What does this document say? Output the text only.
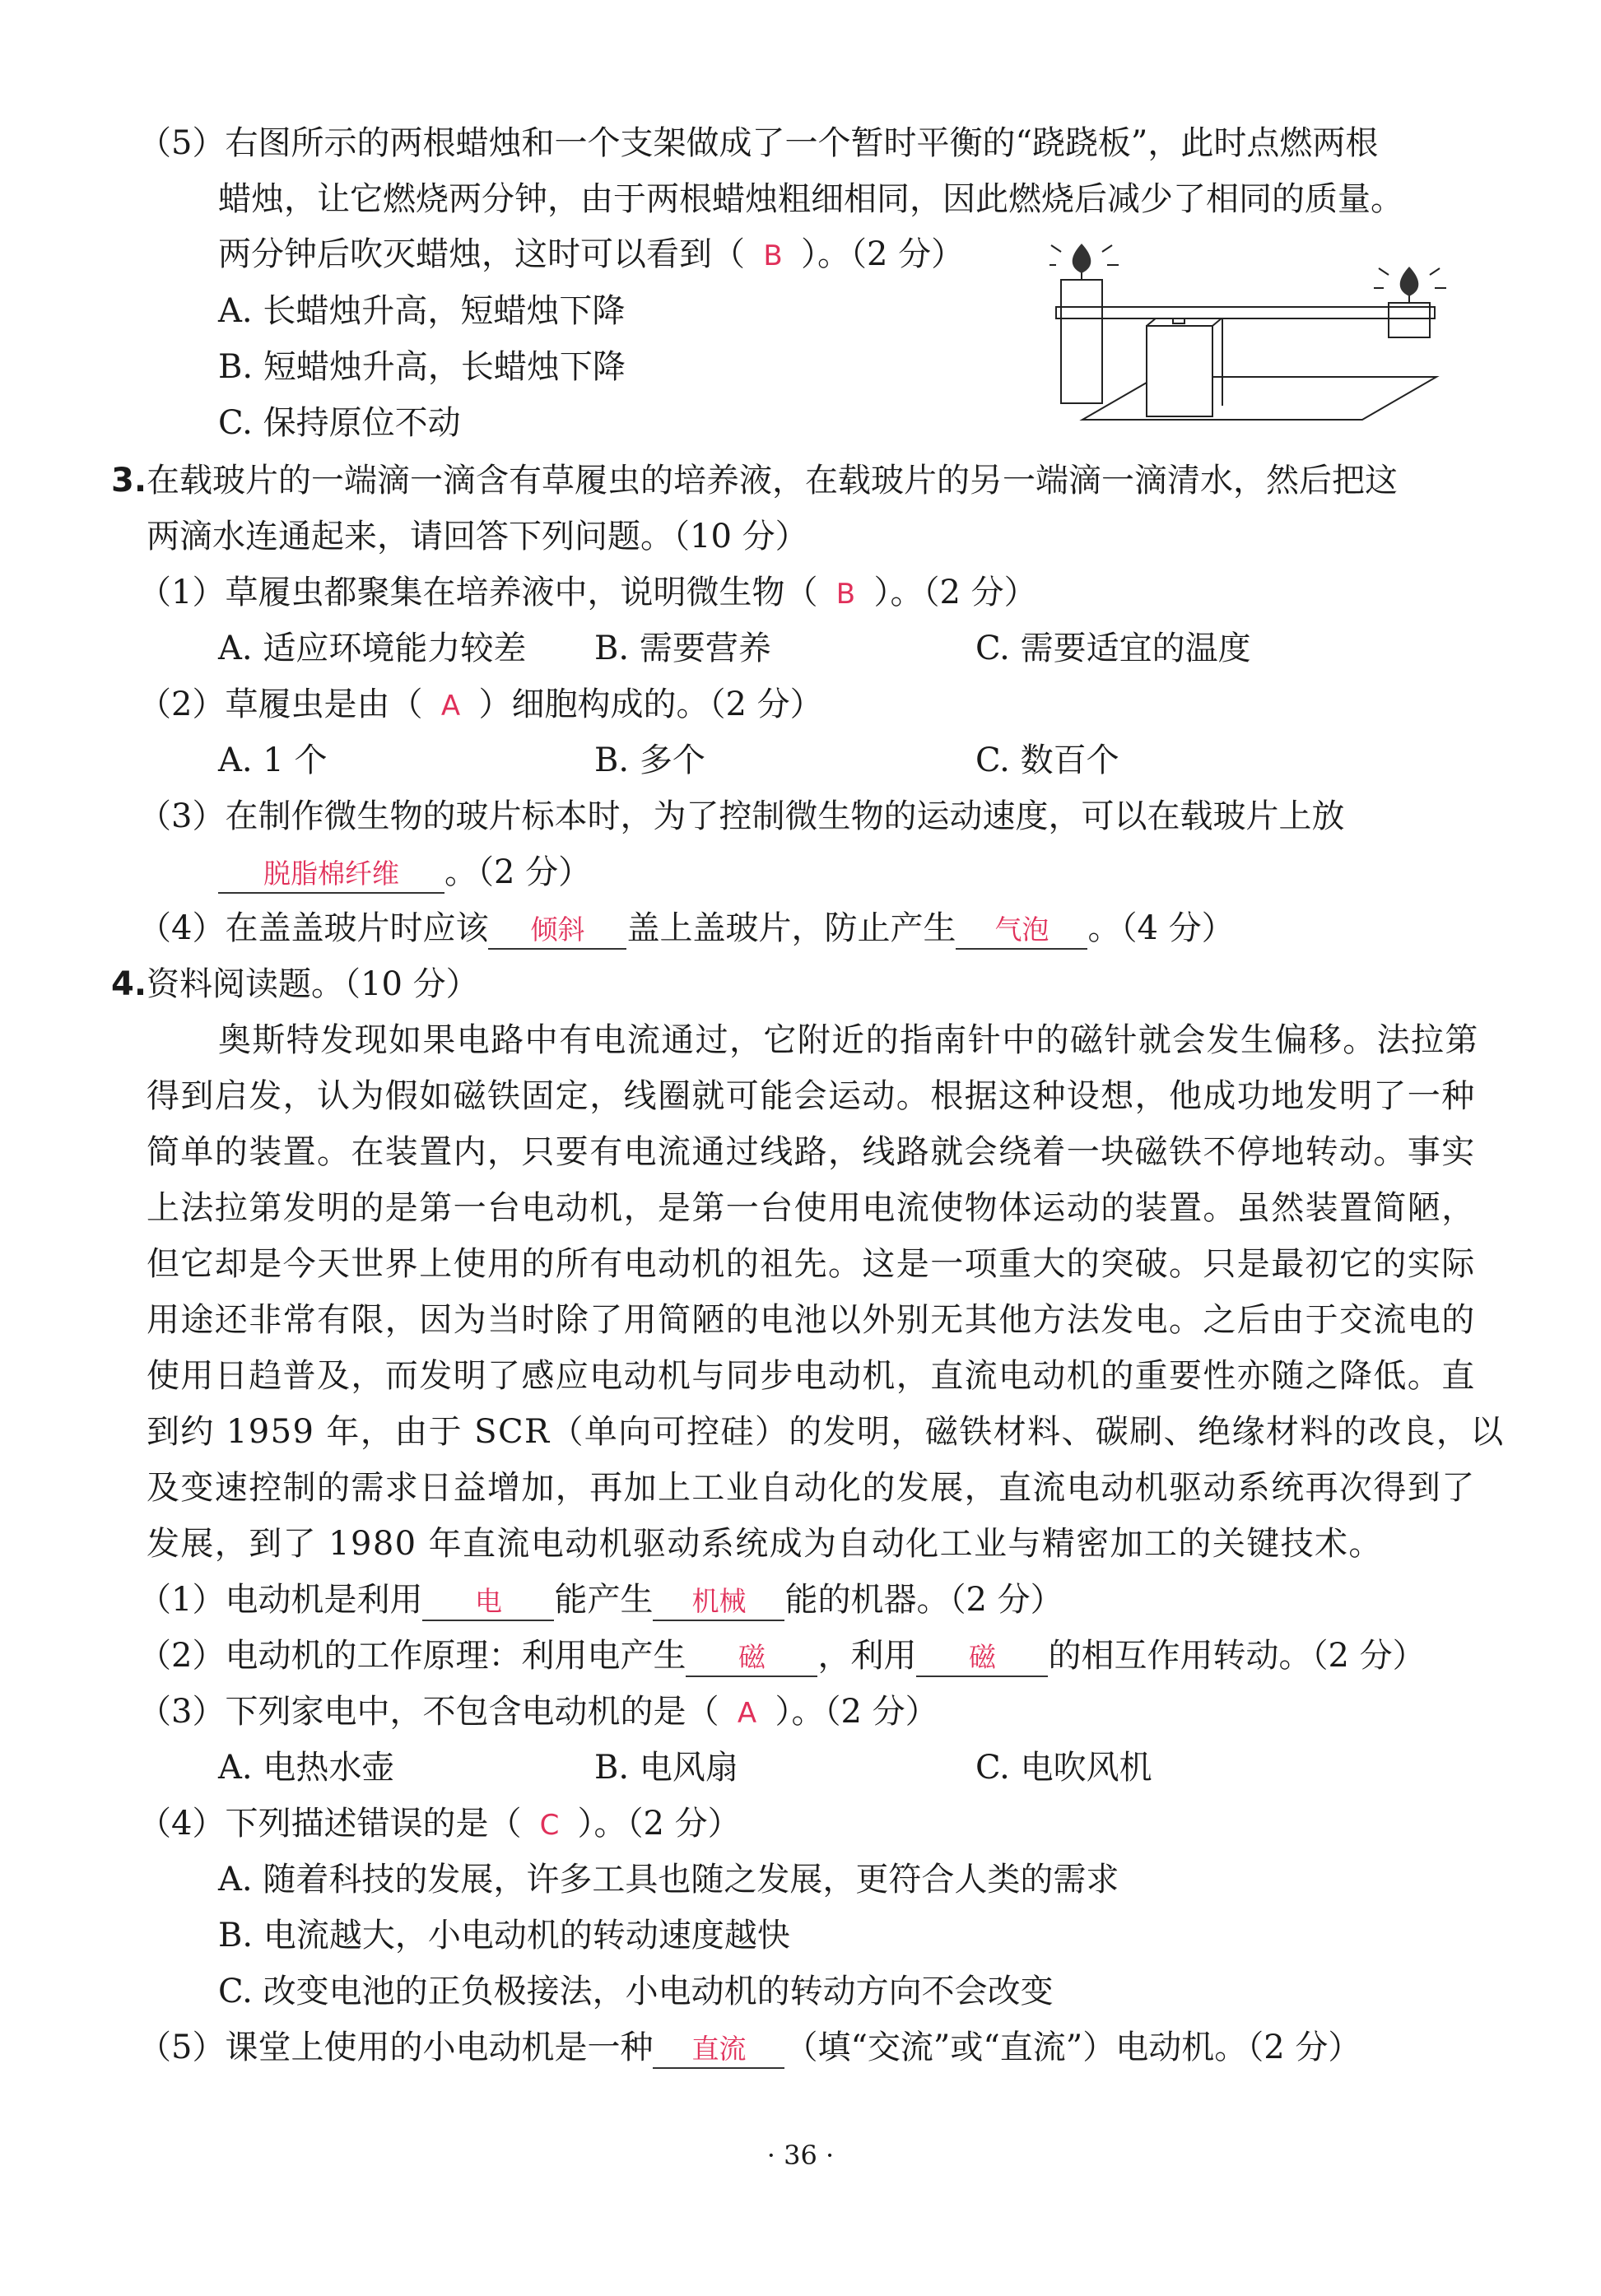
（5）右图所示的两根蜡烛和一个支架做成了一个暂时平衡的“跷跷板”，此时点燃两根
蜡烛，让它燃烧两分钟，由于两根蜡烛粗细相同，因此燃烧后减少了相同的质量。
两分钟后吹灭蜡烛，这时可以看到（ B ）。（2 分）
A. 长蜡烛升高，短蜡烛下降
B. 短蜡烛升高，长蜡烛下降
C. 保持原位不动
3.在载玻片的一端滴一滴含有草履虫的培养液，在载玻片的另一端滴一滴清水，然后把这
两滴水连通起来，请回答下列问题。（10 分）
（1）草履虫都聚集在培养液中，说明微生物（ B ）。（2 分）
A. 适应环境能力较差 B. 需要营养	C. 需要适宜的温度
（2）草履虫是由（ A ）细胞构成的。（2 分）
A. 1 个	B. 多个	C. 数百个
（3）在制作微生物的玻片标本时，为了控制微生物的运动速度，可以在载玻片上放
脱脂棉纤维 。（2 分）
（4）在盖盖玻片时应该 倾斜 盖上盖玻片，防止产生 气泡 。（4 分）
4.资料阅读题。（10 分）
奥斯特发现如果电路中有电流通过，它附近的指南针中的磁针就会发生偏移。法拉第
得到启发，认为假如磁铁固定，线圈就可能会运动。根据这种设想，他成功地发明了一种
简单的装置。在装置内，只要有电流通过线路，线路就会绕着一块磁铁不停地转动。事实
上法拉第发明的是第一台电动机，是第一台使用电流使物体运动的装置。虽然装置简陋，
但它却是今天世界上使用的所有电动机的祖先。这是一项重大的突破。只是最初它的实际
用途还非常有限，因为当时除了用简陋的电池以外别无其他方法发电。之后由于交流电的
使用日趋普及，而发明了感应电动机与同步电动机，直流电动机的重要性亦随之降低。直
到约 1959 年，由于 SCR（单向可控硅）的发明，磁铁材料、碳刷、绝缘材料的改良，以
及变速控制的需求日益增加，再加上工业自动化的发展，直流电动机驱动系统再次得到了
发展，到了 1980 年直流电动机驱动系统成为自动化工业与精密加工的关键技术。
（1）电动机是利用 电 能产生 机械 能的机器。（2 分）
（2）电动机的工作原理：利用电产生 磁 ，利用 磁 的相互作用转动。（2 分）
（3）下列家电中，不包含电动机的是（ A ）。（2 分）
A. 电热水壶	B. 电风扇	C. 电吹风机
（4）下列描述错误的是（ C ）。（2 分）
A. 随着科技的发展，许多工具也随之发展，更符合人类的需求
B. 电流越大，小电动机的转动速度越快
C. 改变电池的正负极接法，小电动机的转动方向不会改变
（5）课堂上使用的小电动机是一种 直流 （填“交流”或“直流”）电动机。（2 分）
· 36 ·
